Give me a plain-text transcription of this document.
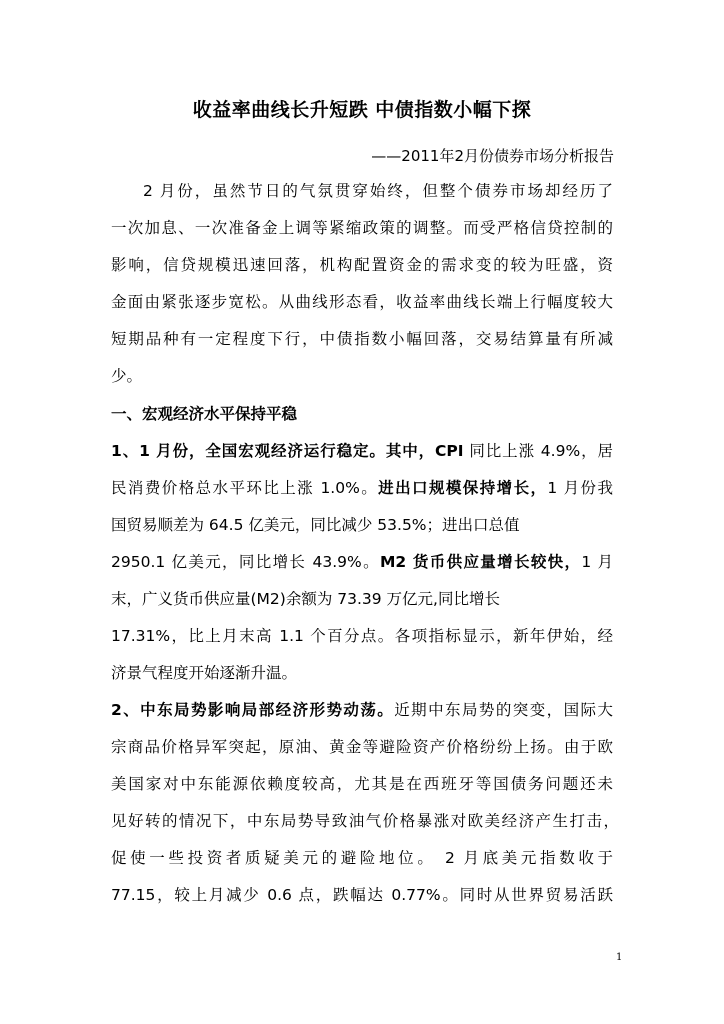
收益率曲线长升短跌 中债指数小幅下探
——2011年2月份债券市场分析报告
2 月份，虽然节日的气氛贯穿始终，但整个债券市场却经历了
一次加息、一次准备金上调等紧缩政策的调整。而受严格信贷控制的
影响，信贷规模迅速回落，机构配置资金的需求变的较为旺盛，资
金面由紧张逐步宽松。从曲线形态看，收益率曲线长端上行幅度较大
短期品种有一定程度下行，中债指数小幅回落，交易结算量有所减
少。
一、宏观经济水平保持平稳
1、1 月份，全国宏观经济运行稳定。其中，CPI 同比上涨 4.9%，居
民消费价格总水平环比上涨 1.0%。进出口规模保持增长，1 月份我
国贸易顺差为 64.5 亿美元，同比减少 53.5%；进出口总值
2950.1 亿美元，同比增长 43.9%。M2 货币供应量增长较快，1 月
末，广义货币供应量(M2)余额为 73.39 万亿元,同比增长
17.31%，比上月末高 1.1 个百分点。各项指标显示，新年伊始，经
济景气程度开始逐渐升温。
2、中东局势影响局部经济形势动荡。近期中东局势的突变，国际大
宗商品价格异军突起，原油、黄金等避险资产价格纷纷上扬。由于欧
美国家对中东能源依赖度较高，尤其是在西班牙等国债务问题还未
见好转的情况下，中东局势导致油气价格暴涨对欧美经济产生打击，
促使一些投资者质疑美元的避险地位。 2 月底美元指数收于
77.15，较上月减少 0.6 点，跌幅达 0.77%。同时从世界贸易活跃
1
